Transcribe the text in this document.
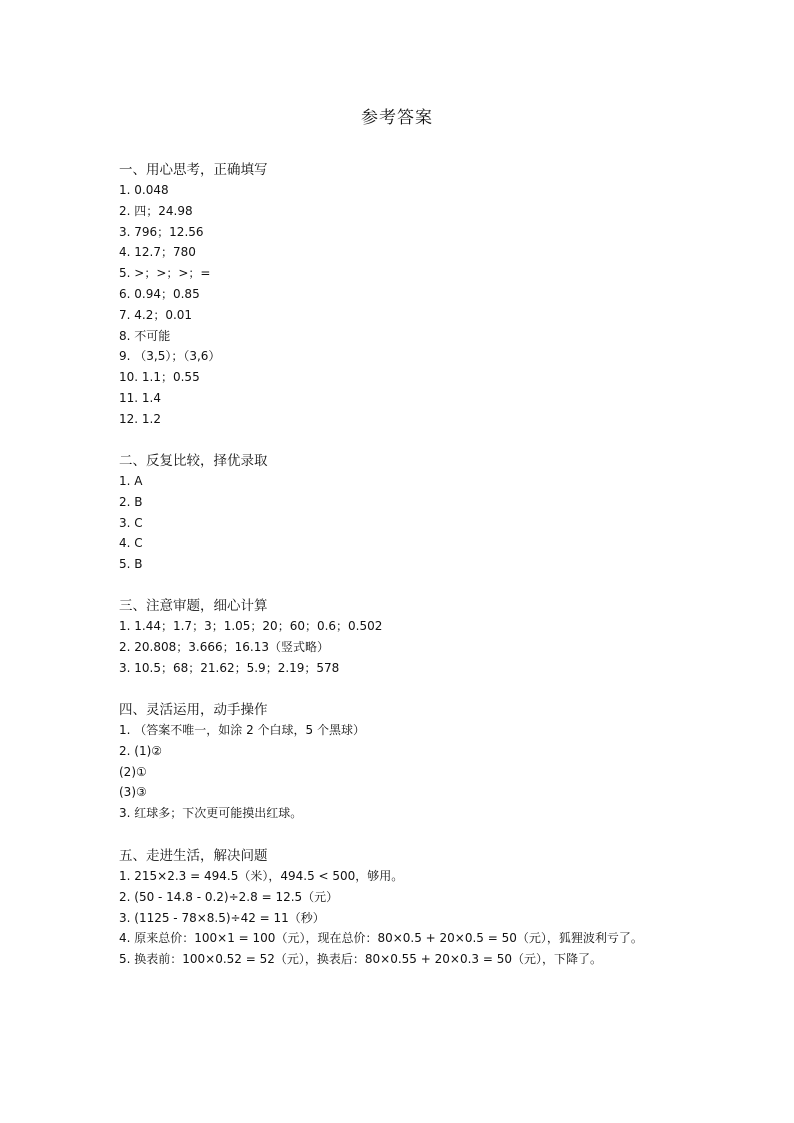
参考答案
一、用心思考，正确填写
1. 0.048
2. 四；24.98
3. 796；12.56
4. 12.7；780
5. >；>；>；=
6. 0.94；0.85
7. 4.2；0.01
8. 不可能
9. （3,5）；（3,6）
10. 1.1；0.55
11. 1.4
12. 1.2
二、反复比较，择优录取
1. A
2. B
3. C
4. C
5. B
三、注意审题，细心计算
1. 1.44；1.7；3；1.05；20；60；0.6；0.502
2. 20.808；3.666；16.13（竖式略）
3. 10.5；68；21.62；5.9；2.19；578
四、灵活运用，动手操作
1. （答案不唯一，如涂 2 个白球，5 个黑球）
2. (1)②
(2)①
(3)③
3. 红球多；下次更可能摸出红球。
五、走进生活，解决问题
1. 215×2.3 = 494.5（米），494.5 < 500，够用。
2. (50 - 14.8 - 0.2)÷2.8 = 12.5（元）
3. (1125 - 78×8.5)÷42 = 11（秒）
4. 原来总价：100×1 = 100（元），现在总价：80×0.5 + 20×0.5 = 50（元），狐狸波利亏了。
5. 换表前：100×0.52 = 52（元），换表后：80×0.55 + 20×0.3 = 50（元），下降了。
